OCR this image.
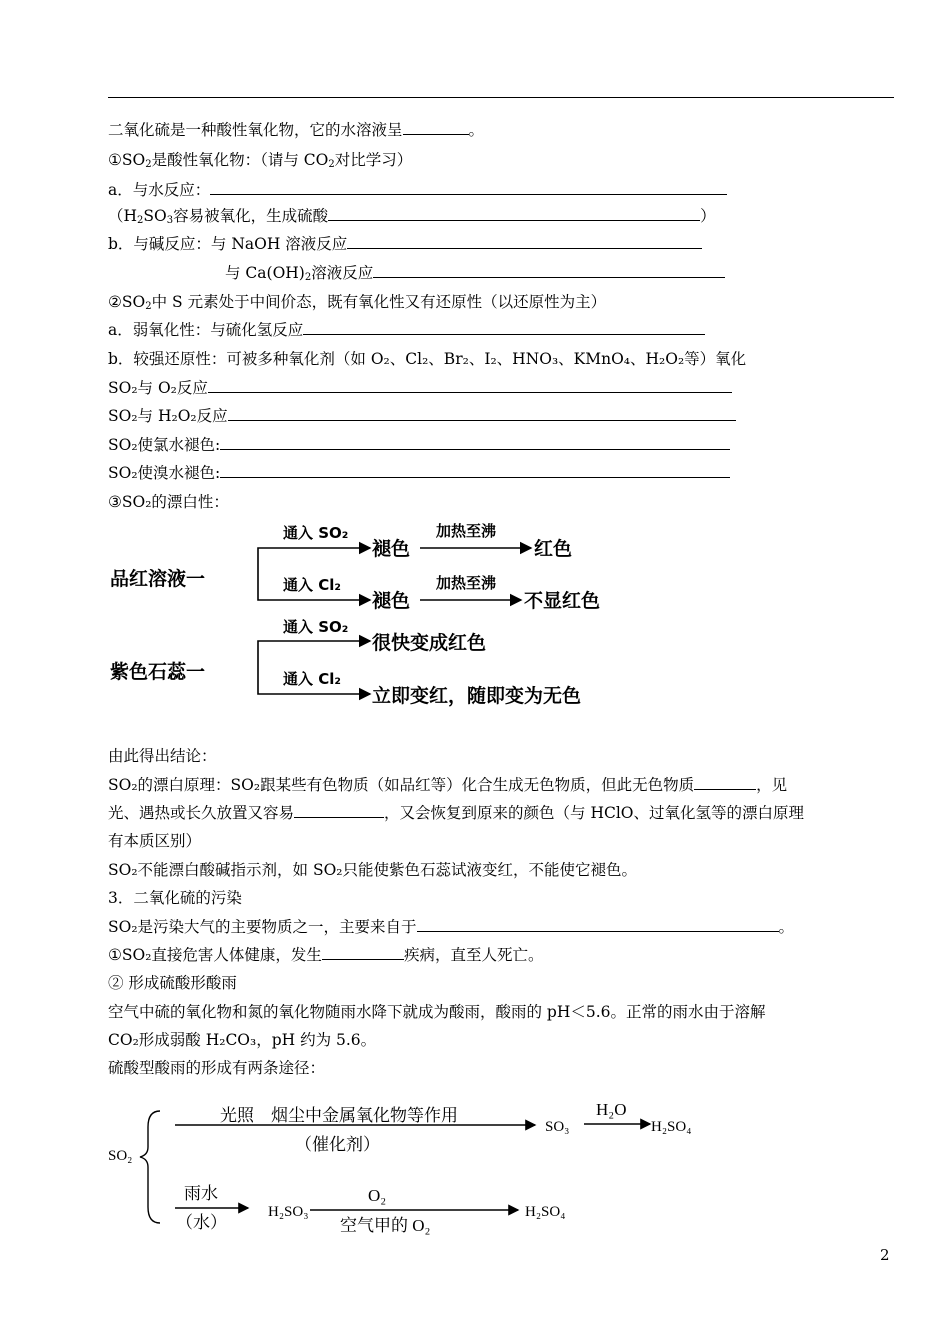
二氧化硫是一种酸性氧化物，它的水溶液呈	。
$①SO_2$是酸性氧化物：（请与 $CO_2$对比学习）
a．与水反应：
（$H_2SO_3$容易被氧化，生成硫酸	）
b．与碱反应：与 NaOH 溶液反应
与 $Ca(OH)_2$溶液反应
$②SO_2$中 S 元素处于中间价态，既有氧化性又有还原性（以还原性为主）
a．弱氧化性：与硫化氢反应
b．较强还原性：可被多种氧化剂（如 O₂、Cl₂、Br₂、I₂、HNO₃、KMnO₄、H₂O₂等）氧化
SO₂与 O₂反应
SO₂与 H₂O₂反应
SO₂使氯水褪色:
SO₂使溴水褪色:
③SO₂的漂白性：
品红溶液一
通入 SO₂
通入 Cl₂
褪色
褪色
加热至沸
加热至沸
红色
不显红色
紫色石蕊一
通入 SO₂
通入 Cl₂
很快变成红色
立即变红，随即变为无色
由此得出结论：
SO₂的漂白原理：SO₂跟某些有色物质（如品红等）化合生成无色物质，但此无色物质	，见
光、遇热或长久放置又容易	，又会恢复到原来的颜色（与 HClO、过氧化氢等的漂白原理
有本质区别）
SO₂不能漂白酸碱指示剂，如 SO₂只能使紫色石蕊试液变红，不能使它褪色。
3．二氧化硫的污染
SO₂是污染大气的主要物质之一，主要来自于	。
①SO₂直接危害人体健康，发生	疾病，直至人死亡。
② 形成硫酸形酸雨
空气中硫的氧化物和氮的氧化物随雨水降下就成为酸雨，酸雨的 pH＜5.6。正常的雨水由于溶解
CO₂形成弱酸 H₂CO₃，pH 约为 5.6。
硫酸型酸雨的形成有两条途径：
SO₂
光照　烟尘中金属氧化物等作用
（催化剂）
SO₃
H₂O
H₂SO₄
雨水
（水）
H₂SO₃
O₂
空气甲的 O₂
H₂SO₄
2
